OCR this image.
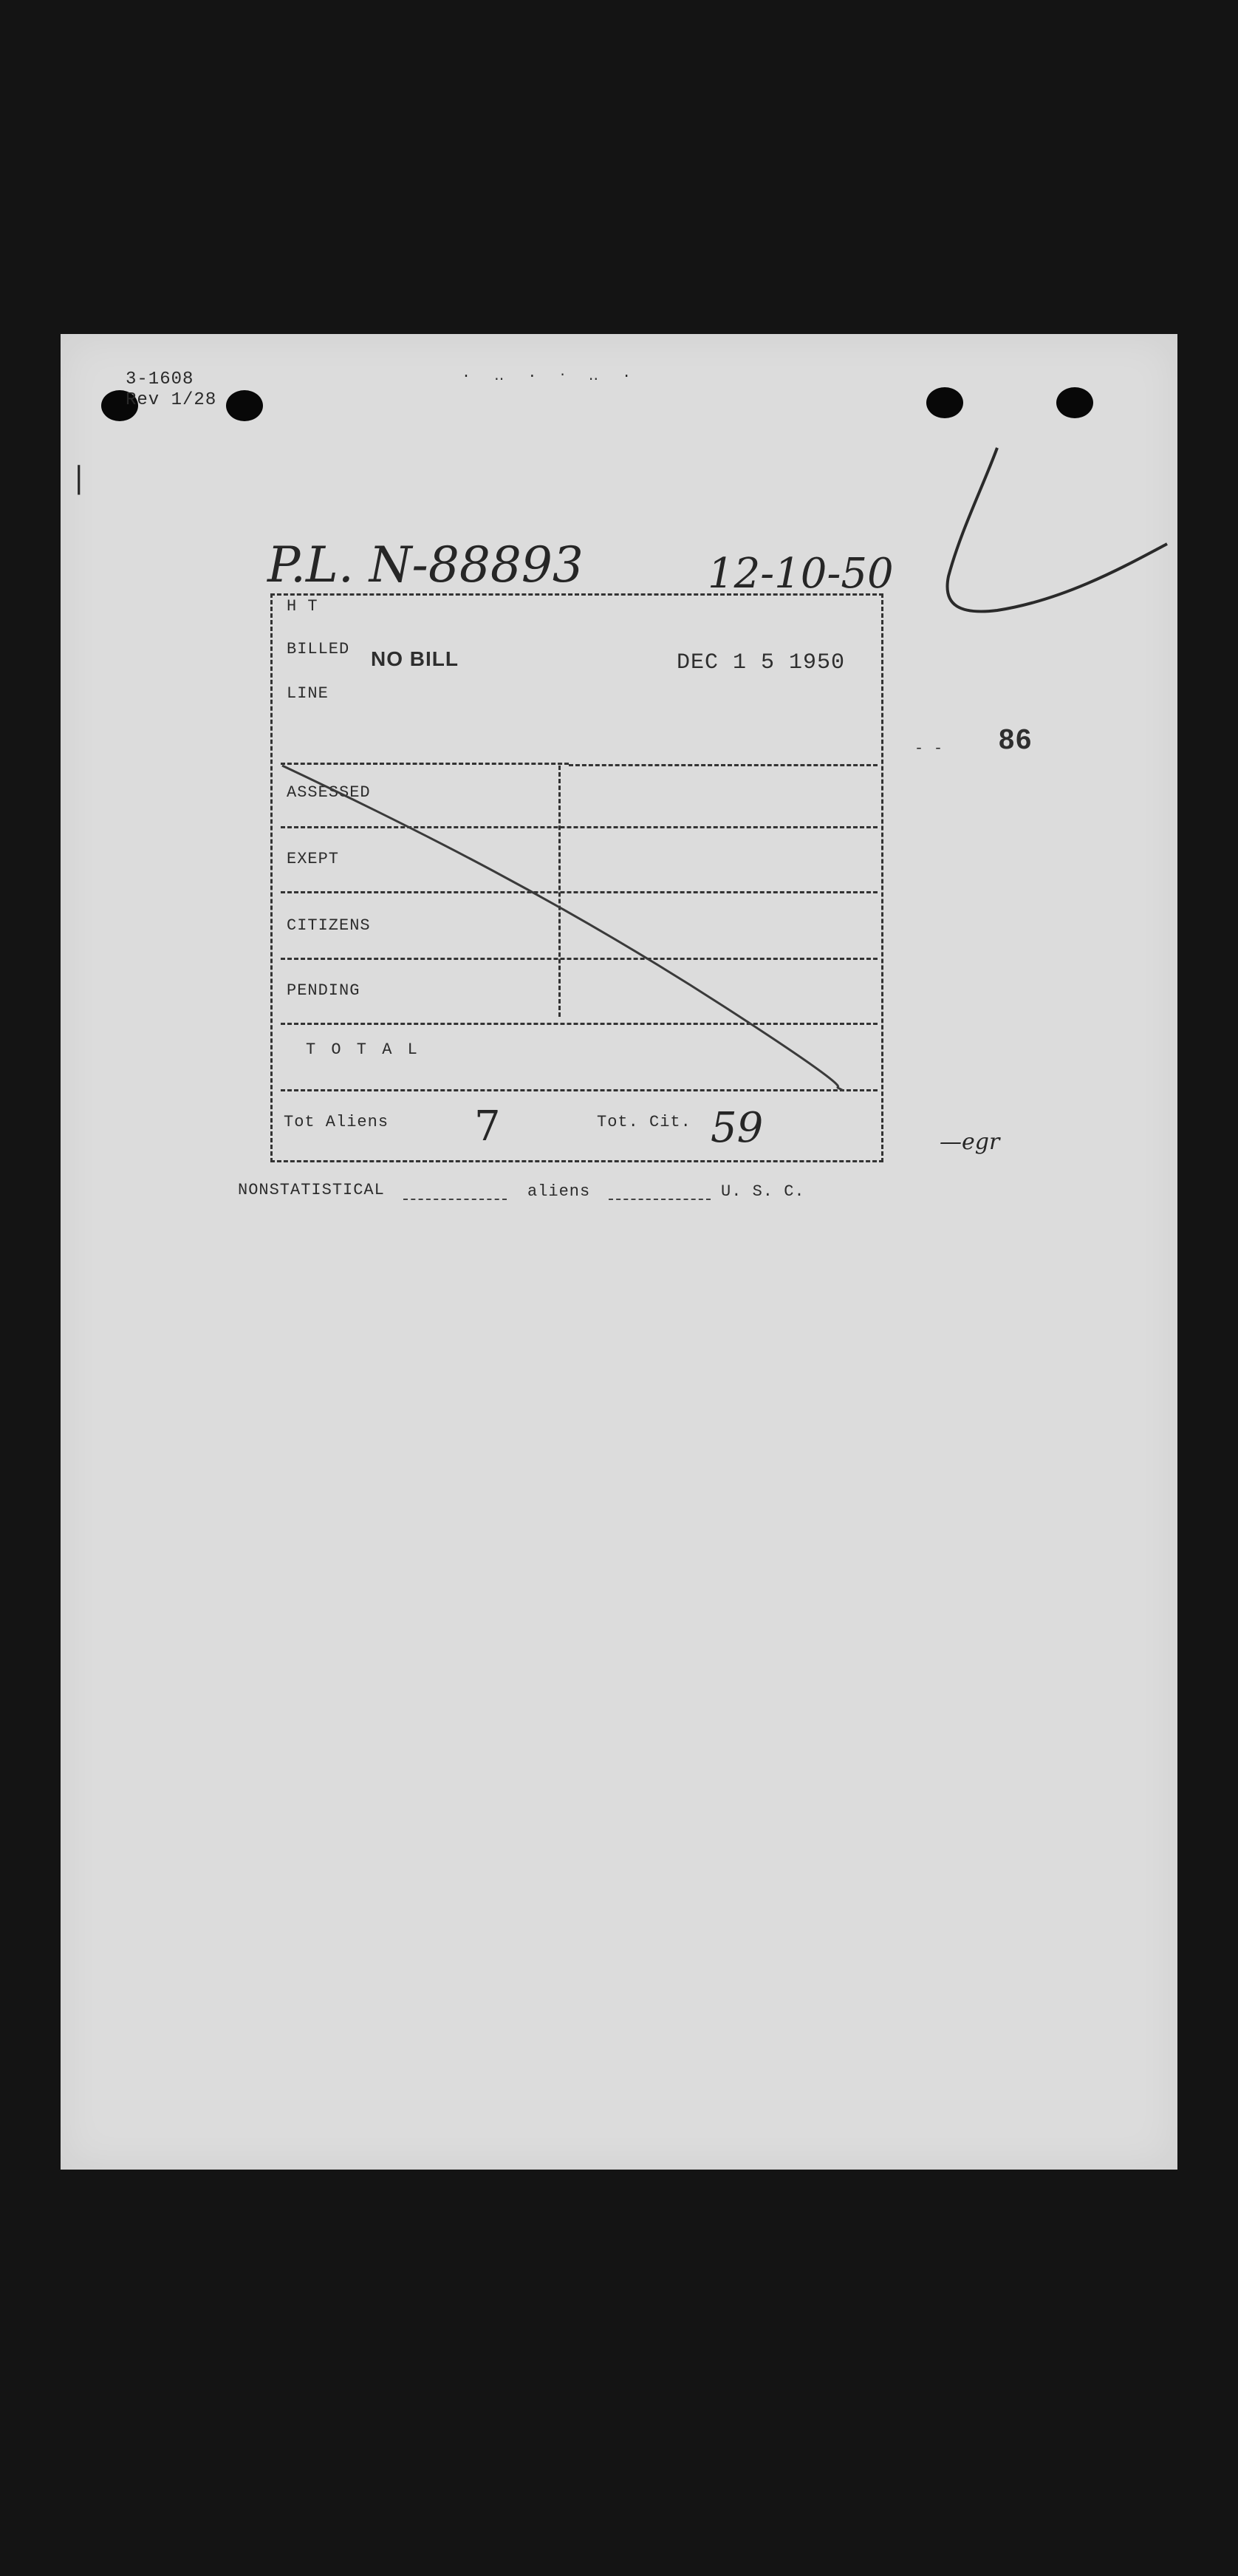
3-1608
Rev 1/28
|
· ‥ · ‧ ‥ ·
P.L. N-88893	12-10-50
86
- -
H T
BILLED NO BILL	DEC 1 5 1950
LINE
ASSESSED
EXEPT
CITIZENS
PENDING
T O T A L
Tot Aliens 7	Tot. Cit. 59
NONSTATISTICAL	aliens	U. S. C.
—egr
